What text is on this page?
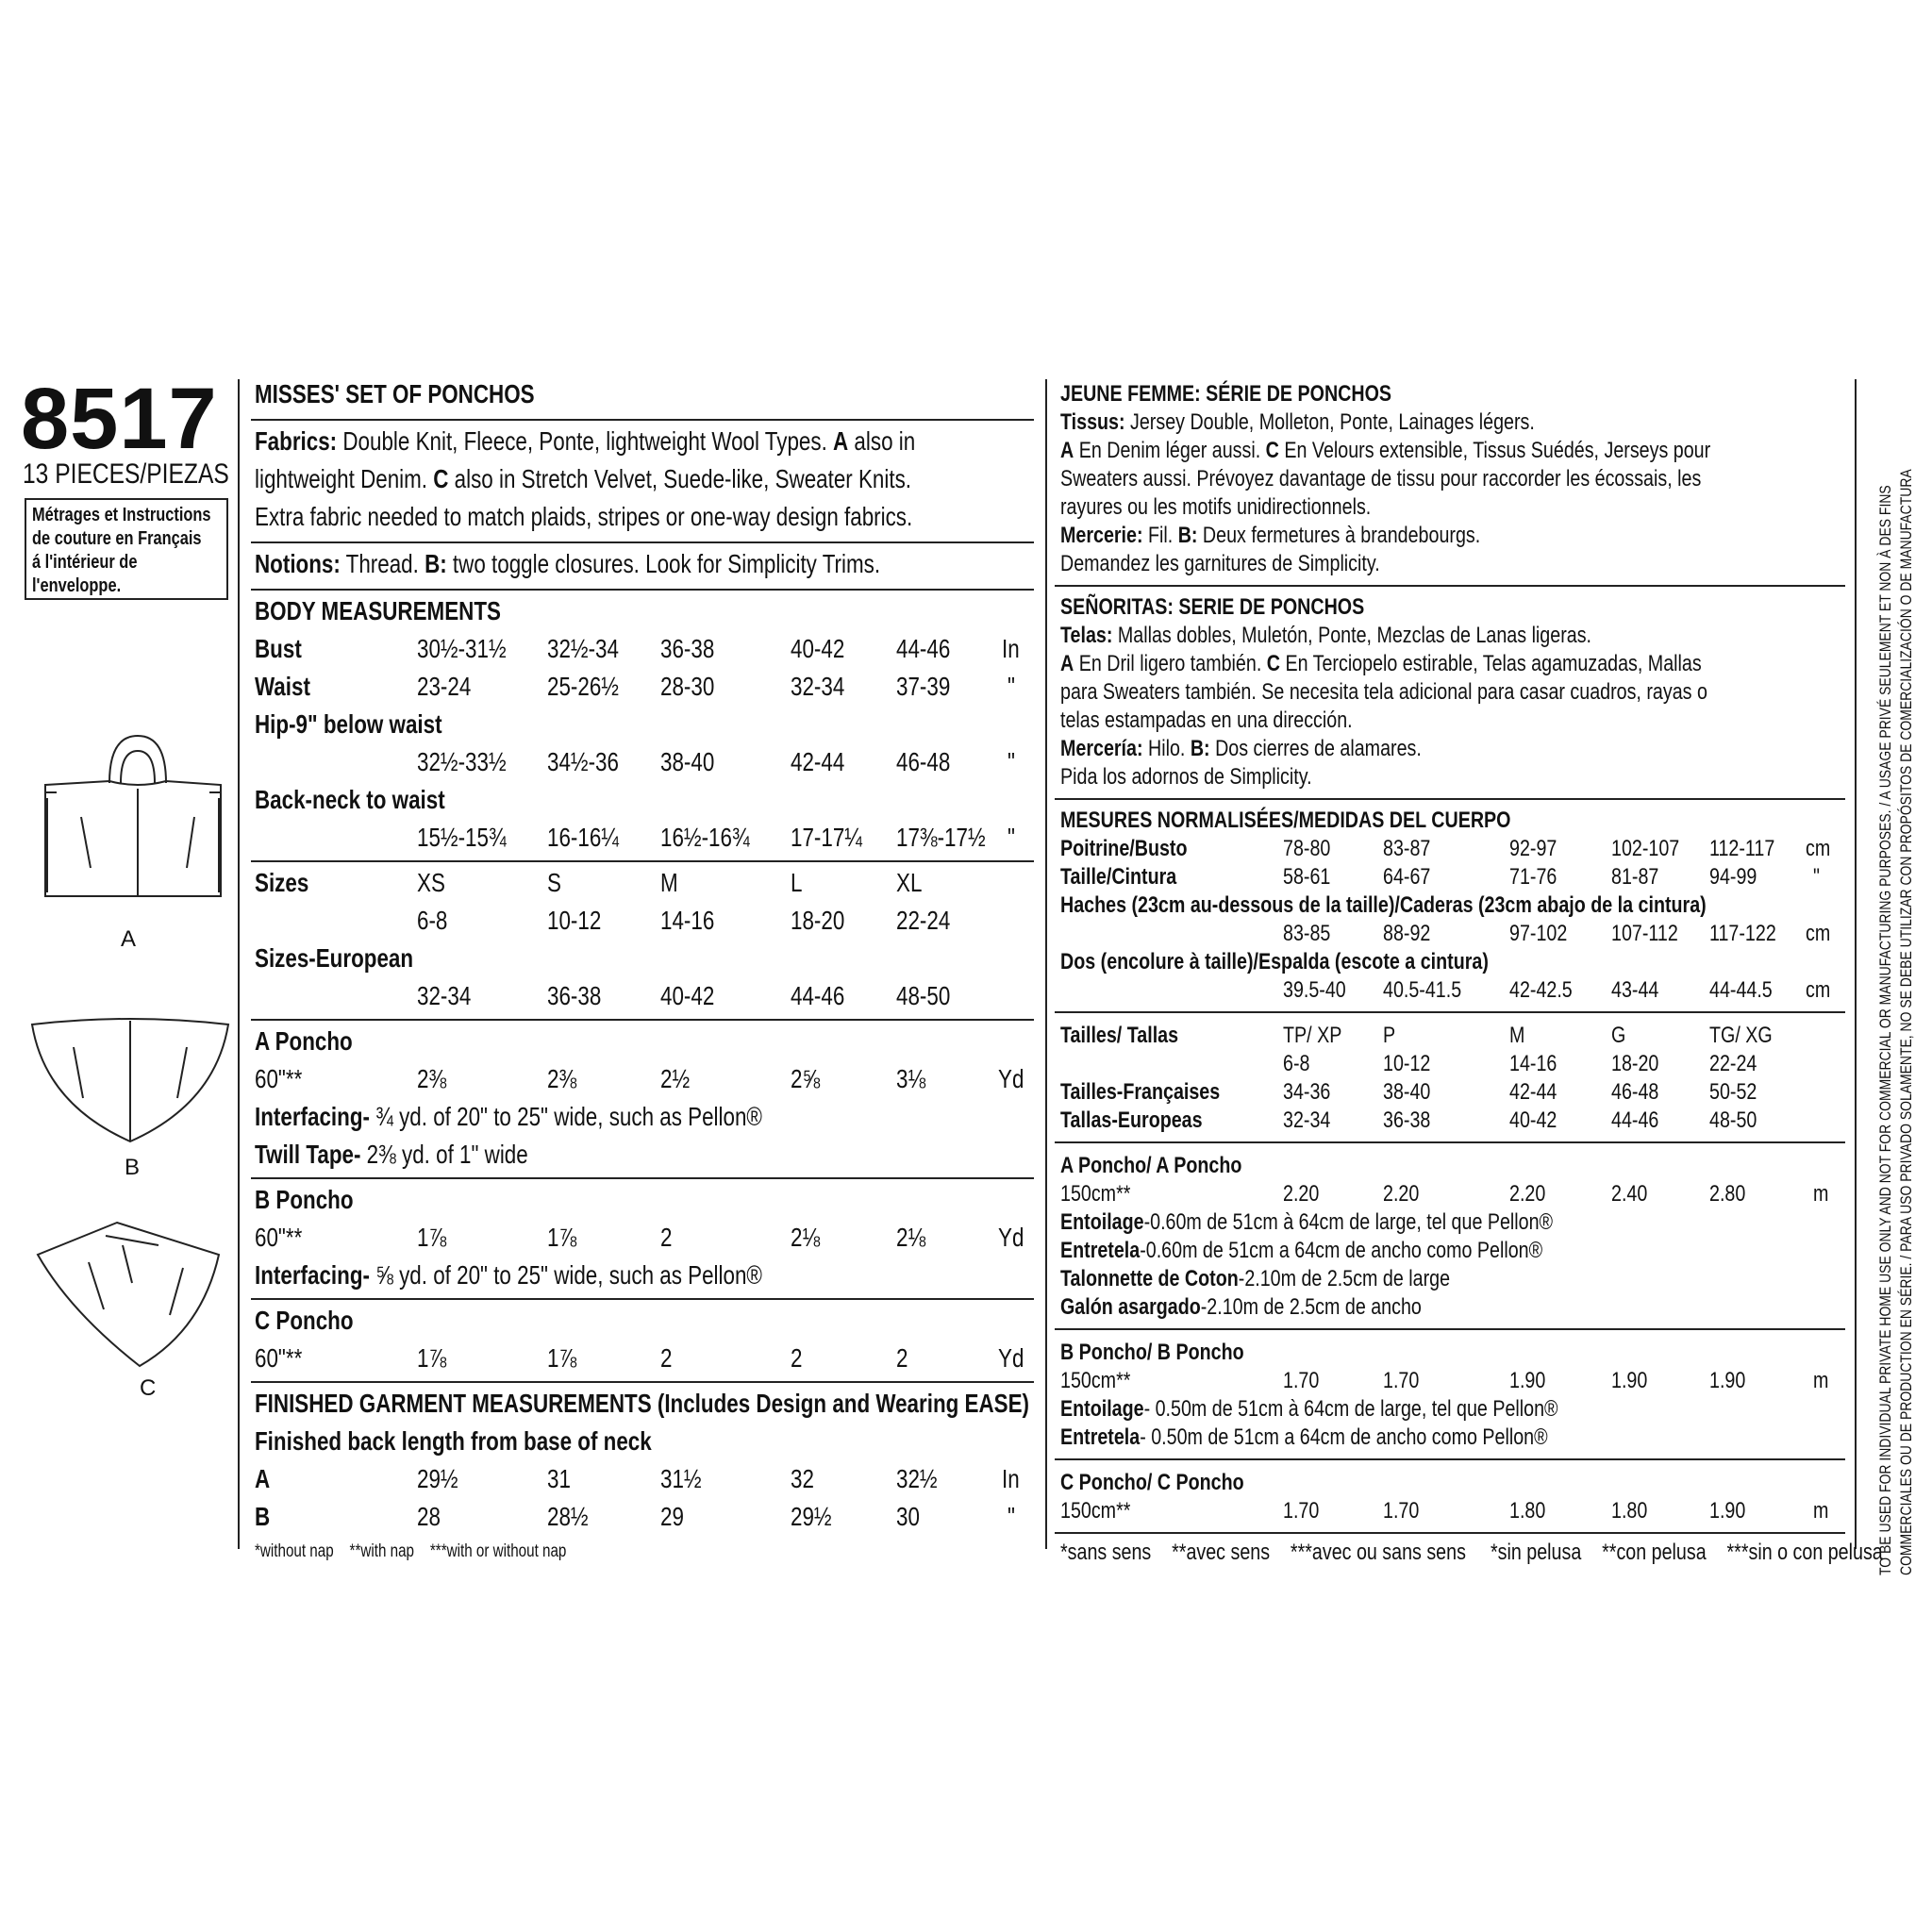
8517
13 PIECES/PIEZAS
Métrages et Instructions
de couture en Français
á l'intérieur de
l'enveloppe.
A
B
C
MISSES' SET OF PONCHOS
Fabrics: Double Knit, Fleece, Ponte, lightweight Wool Types. A also in
lightweight Denim. C also in Stretch Velvet, Suede-like, Sweater Knits.
Extra fabric needed to match plaids, stripes or one-way design fabrics.
Notions: Thread. B: two toggle closures. Look for Simplicity Trims.
BODY MEASUREMENTS
Bust	30½-31½ 32½-34 36-38	40-42 44-46 In
Waist	23-24	25-26½ 28-30	32-34 37-39 "
Hip-9" below waist
32½-33½ 34½-36 38-40	42-44 46-48 "
Back-neck to waist
15½-15¾ 16-16¼ 16½-16¾ 17-17¼ 17⅜-17½ "
Sizes	XS	S	M	L	XL
6-8	10-12 14-16	18-20 22-24
Sizes-European
32-34	36-38 40-42	44-46 48-50
A Poncho
60"**	2⅜	2⅜	2½	2⅝	3⅛	Yd
Interfacing- ¾ yd. of 20" to 25" wide, such as Pellon®
Twill Tape- 2⅜ yd. of 1" wide
B Poncho
60"**	1⅞	1⅞	2	2⅛	2⅛	Yd
Interfacing- ⅝ yd. of 20" to 25" wide, such as Pellon®
C Poncho
60"**	1⅞	1⅞	2	2	2	Yd
FINISHED GARMENT MEASUREMENTS (Includes Design and Wearing EASE)
Finished back length from base of neck
A	29½	31	31½	32	32½ In
B	28	28½	29	29½ 30	"
*without nap    **with nap    ***with or without nap
JEUNE FEMME: SÉRIE DE PONCHOS
Tissus: Jersey Double, Molleton, Ponte, Lainages légers.
A En Denim léger aussi. C En Velours extensible, Tissus Suédés, Jerseys pour
Sweaters aussi. Prévoyez davantage de tissu pour raccorder les écossais, les
rayures ou les motifs unidirectionnels.
Mercerie: Fil. B: Deux fermetures à brandebourgs.
Demandez les garnitures de Simplicity.
SEÑORITAS: SERIE DE PONCHOS
Telas: Mallas dobles, Muletón, Ponte, Mezclas de Lanas ligeras.
A En Dril ligero también. C En Terciopelo estirable, Telas agamuzadas, Mallas
para Sweaters también. Se necesita tela adicional para casar cuadros, rayas o
telas estampadas en una dirección.
Mercería: Hilo. B: Dos cierres de alamares.
Pida los adornos de Simplicity.
MESURES NORMALISÉES/MEDIDAS DEL CUERPO
Poitrine/Busto	78-80 83-87	92-97 102-107 112-117 cm
Taille/Cintura	58-61 64-67	71-76 81-87 94-99 "
Haches (23cm au-dessous de la taille)/Caderas (23cm abajo de la cintura)
83-85 88-92	97-102 107-112 117-122 cm
Dos (encolure à taille)/Espalda (escote a cintura)
39.5-40 40.5-41.5 42-42.5 43-44 44-44.5 cm
Tailles/ Tallas	TP/ XP P	M	G	TG/ XG
6-8	10-12	14-16 18-20 22-24
Tailles-Françaises	34-36 38-40	42-44 46-48 50-52
Tallas-Europeas	32-34 36-38	40-42 44-46 48-50
A Poncho/ A Poncho
150cm**	2.20	2.20	2.20	2.40	2.80	m
Entoilage-0.60m de 51cm à 64cm de large, tel que Pellon®
Entretela-0.60m de 51cm a 64cm de ancho como Pellon®
Talonnette de Coton-2.10m de 2.5cm de large
Galón asargado-2.10m de 2.5cm de ancho
B Poncho/ B Poncho
150cm**	1.70	1.70	1.90	1.90	1.90	m
Entoilage- 0.50m de 51cm à 64cm de large, tel que Pellon®
Entretela- 0.50m de 51cm a 64cm de ancho como Pellon®
C Poncho/ C Poncho
150cm**	1.70	1.70	1.80	1.80	1.90	m
*sans sens    **avec sens    ***avec ou sans sens *sin pelusa    **con pelusa    ***sin o con pelusa
TO BE USED FOR INDIVIDUAL PRIVATE HOME USE ONLY AND NOT FOR COMMERCIAL OR MANUFACTURING PURPOSES. / A USAGE PRIVÉ SEULEMENT ET NON À DES FINS COMMERCIALES OU DE PRODUCTION EN SÉRIE. / PARA USO PRIVADO SOLAMENTE, NO SE DEBE UTILIZAR CON PROPÓSITOS DE COMERCIALIZACIÓN O DE MANUFACTURA
